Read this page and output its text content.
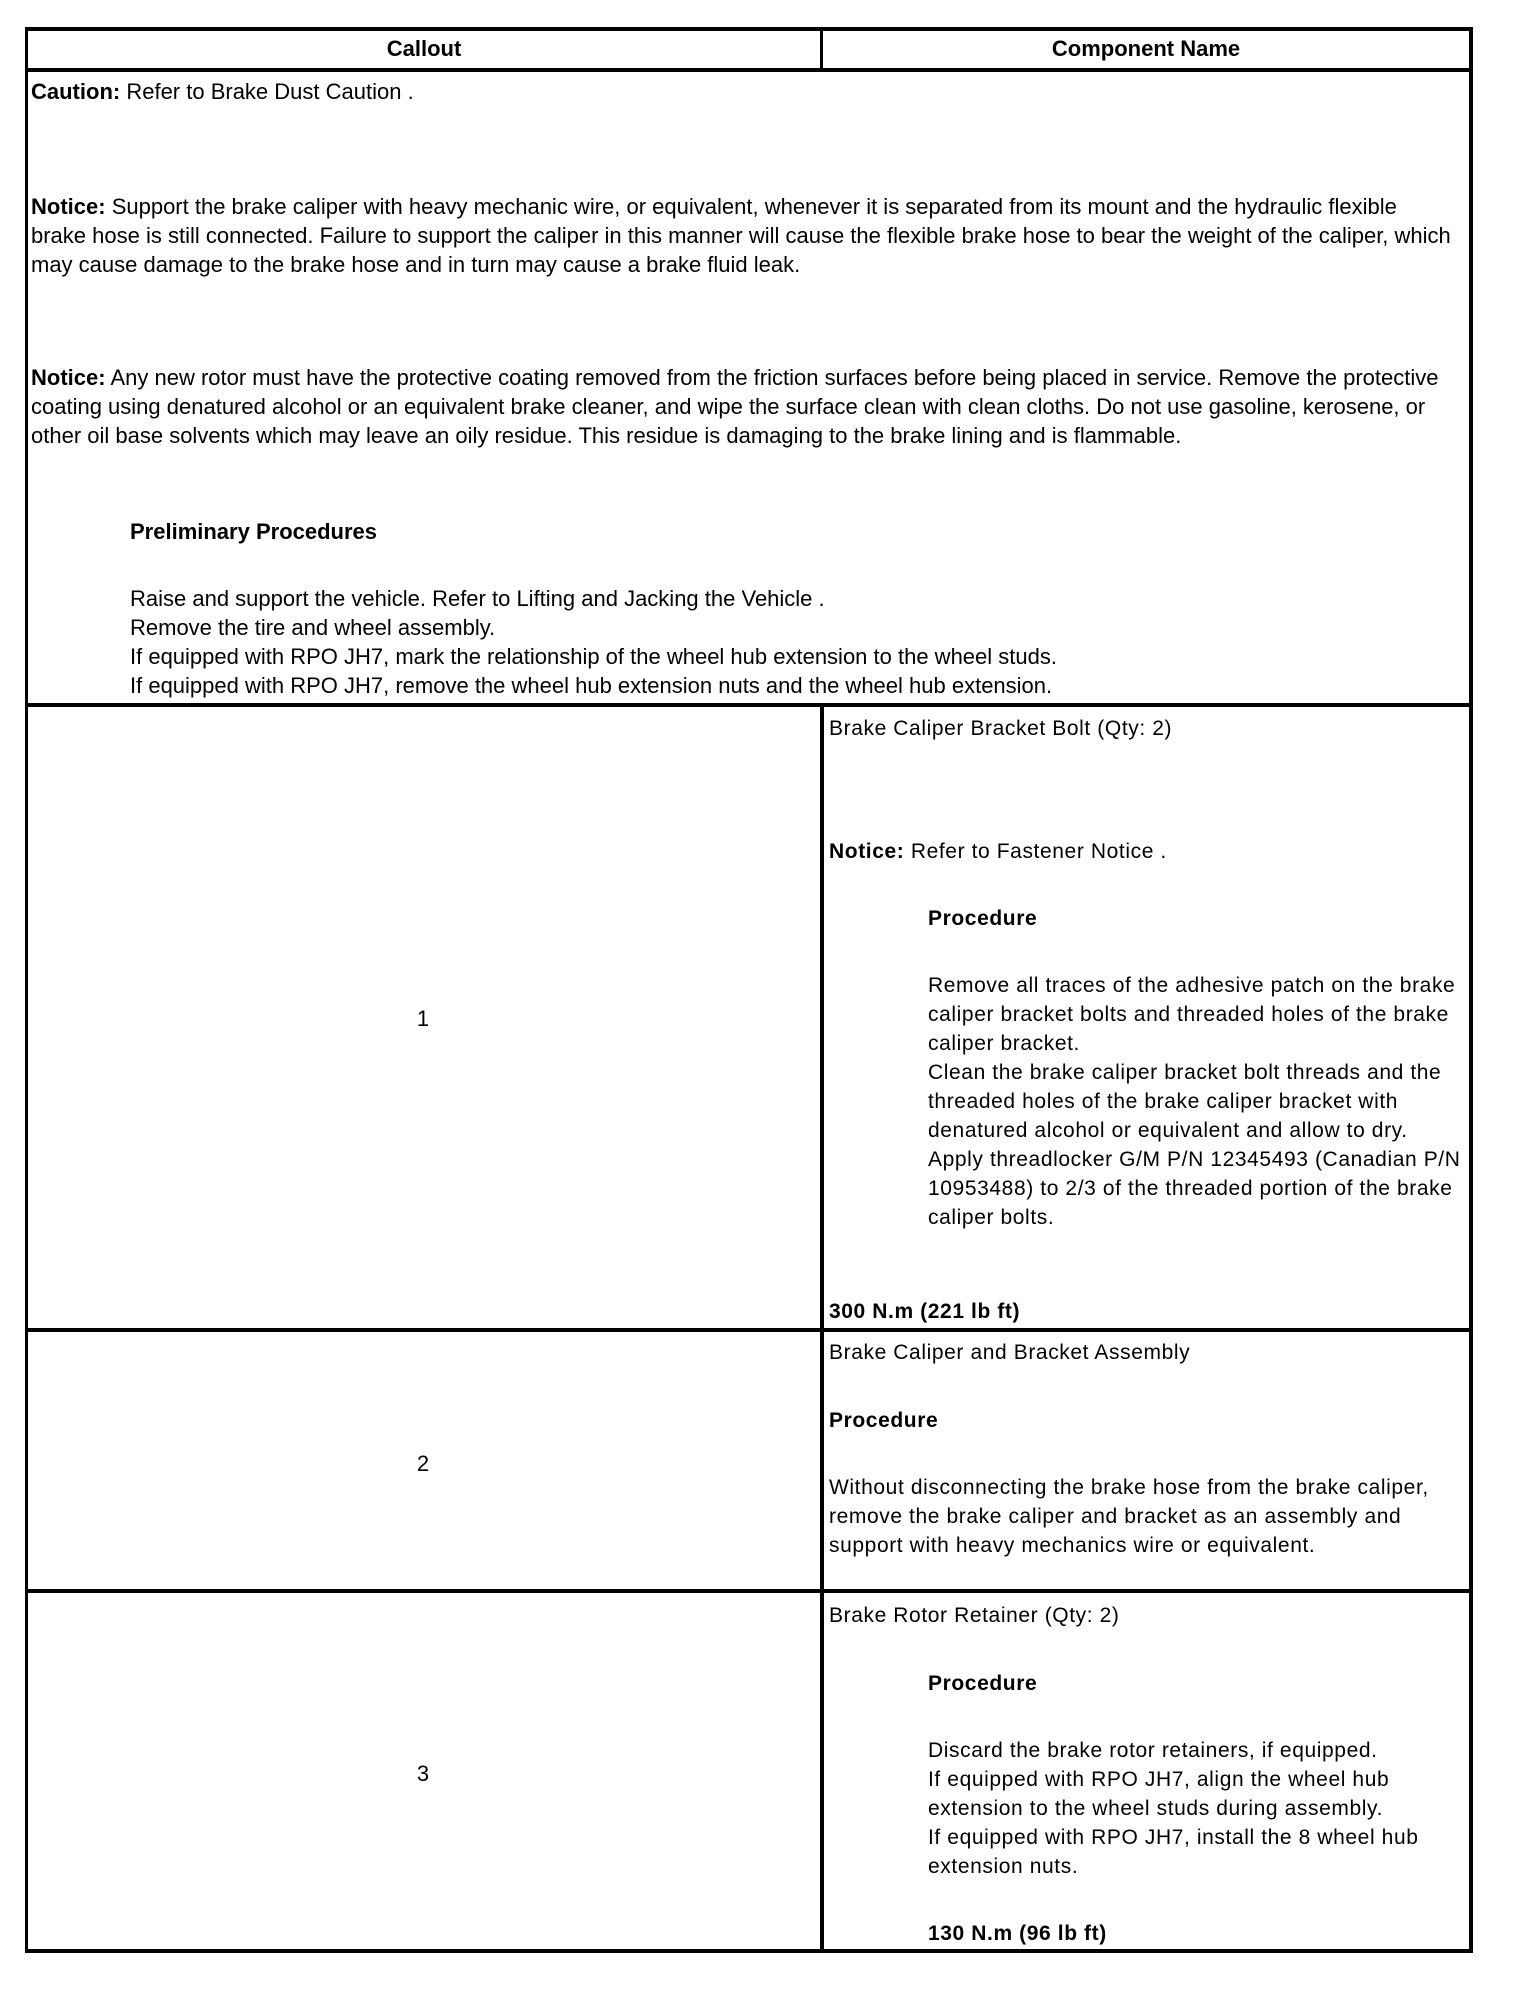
Callout	Component Name
Caution: Refer to Brake Dust Caution .
Notice: Support the brake caliper with heavy mechanic wire, or equivalent, whenever it is separated from its mount and the hydraulic flexible brake hose is still connected. Failure to support the caliper in this manner will cause the flexible brake hose to bear the weight of the caliper, which may cause damage to the brake hose and in turn may cause a brake fluid leak.
Notice: Any new rotor must have the protective coating removed from the friction surfaces before being placed in service. Remove the protective coating using denatured alcohol or an equivalent brake cleaner, and wipe the surface clean with clean cloths. Do not use gasoline, kerosene, or other oil base solvents which may leave an oily residue. This residue is damaging to the brake lining and is flammable.
Preliminary Procedures
Raise and support the vehicle. Refer to Lifting and Jacking the Vehicle .
Remove the tire and wheel assembly.
If equipped with RPO JH7, mark the relationship of the wheel hub extension to the wheel studs.
If equipped with RPO JH7, remove the wheel hub extension nuts and the wheel hub extension.
1
Brake Caliper Bracket Bolt (Qty: 2)
Notice: Refer to Fastener Notice .
Procedure
Remove all traces of the adhesive patch on the brake caliper bracket bolts and threaded holes of the brake caliper bracket.
Clean the brake caliper bracket bolt threads and the threaded holes of the brake caliper bracket with denatured alcohol or equivalent and allow to dry.
Apply threadlocker G/M P/N 12345493 (Canadian P/N 10953488) to 2/3 of the threaded portion of the brake caliper bolts.
300 N.m (221 lb ft)
2
Brake Caliper and Bracket Assembly
Procedure
Without disconnecting the brake hose from the brake caliper, remove the brake caliper and bracket as an assembly and support with heavy mechanics wire or equivalent.
3
Brake Rotor Retainer (Qty: 2)
Procedure
Discard the brake rotor retainers, if equipped.
If equipped with RPO JH7, align the wheel hub extension to the wheel studs during assembly.
If equipped with RPO JH7, install the 8 wheel hub extension nuts.
130 N.m (96 lb ft)
